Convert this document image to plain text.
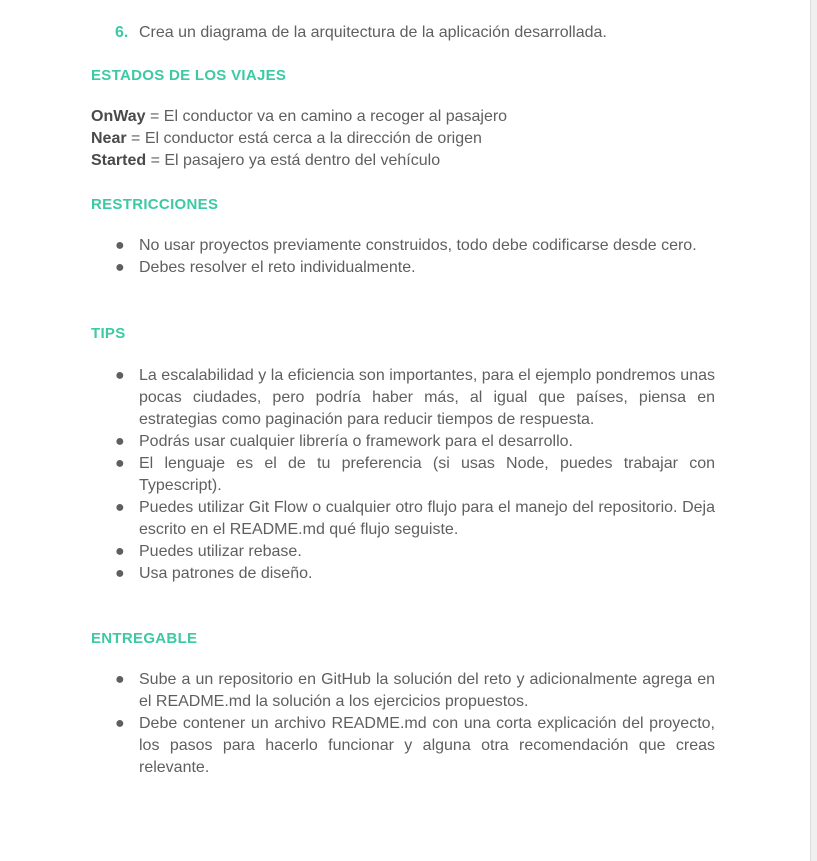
6. Crea un diagrama de la arquitectura de la aplicación desarrollada.
ESTADOS DE LOS VIAJES
OnWay = El conductor va en camino a recoger al pasajero
Near = El conductor está cerca a la dirección de origen
Started = El pasajero ya está dentro del vehículo
RESTRICCIONES
● No usar proyectos previamente construidos, todo debe codificarse desde cero.
● Debes resolver el reto individualmente.
TIPS
● La escalabilidad y la eficiencia son importantes, para el ejemplo pondremos unas pocas ciudades, pero podría haber más, al igual que países, piensa en estrategias como paginación para reducir tiempos de respuesta.
● Podrás usar cualquier librería o framework para el desarrollo.
● El lenguaje es el de tu preferencia (si usas Node, puedes trabajar con Typescript).
● Puedes utilizar Git Flow o cualquier otro flujo para el manejo del repositorio. Deja escrito en el README.md qué flujo seguiste.
● Puedes utilizar rebase.
● Usa patrones de diseño.
ENTREGABLE
● Sube a un repositorio en GitHub la solución del reto y adicionalmente agrega en el README.md la solución a los ejercicios propuestos.
● Debe contener un archivo README.md con una corta explicación del proyecto, los pasos para hacerlo funcionar y alguna otra recomendación que creas relevante.
